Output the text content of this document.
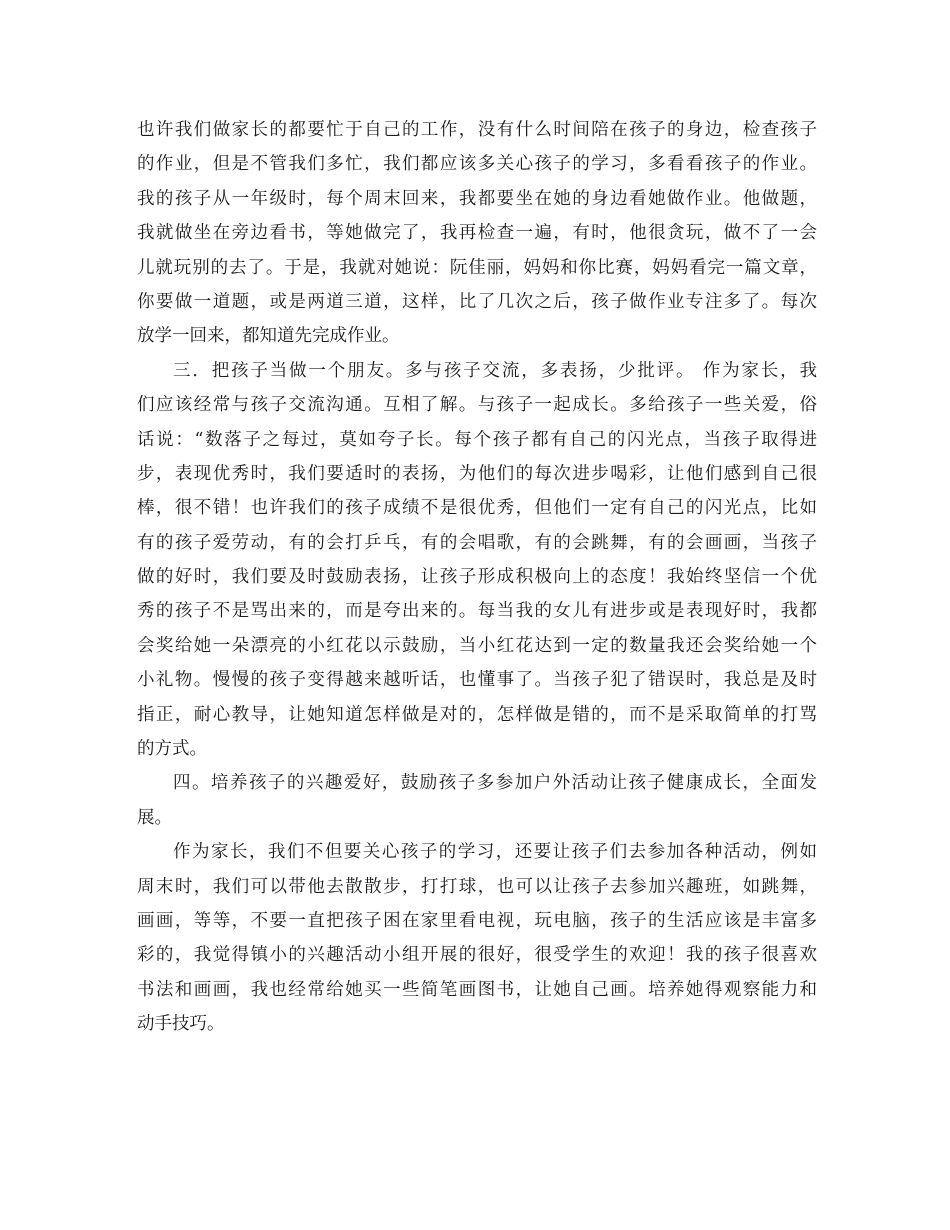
也许我们做家长的都要忙于自己的工作，没有什么时间陪在孩子的身边，检查孩子
的作业，但是不管我们多忙，我们都应该多关心孩子的学习，多看看孩子的作业。
我的孩子从一年级时，每个周末回来，我都要坐在她的身边看她做作业。他做题，
我就做坐在旁边看书，等她做完了，我再检查一遍，有时，他很贪玩，做不了一会
儿就玩别的去了。于是，我就对她说：阮佳丽，妈妈和你比赛，妈妈看完一篇文章，
你要做一道题，或是两道三道，这样，比了几次之后，孩子做作业专注多了。每次
放学一回来，都知道先完成作业。
三．把孩子当做一个朋友。多与孩子交流，多表扬，少批评。 作为家长，我
们应该经常与孩子交流沟通。互相了解。与孩子一起成长。多给孩子一些关爱，俗
话说：“数落子之每过，莫如夸子长。每个孩子都有自己的闪光点，当孩子取得进
步，表现优秀时，我们要适时的表扬，为他们的每次进步喝彩，让他们感到自己很
棒，很不错！也许我们的孩子成绩不是很优秀，但他们一定有自己的闪光点，比如
有的孩子爱劳动，有的会打乒乓，有的会唱歌，有的会跳舞，有的会画画，当孩子
做的好时，我们要及时鼓励表扬，让孩子形成积极向上的态度！我始终坚信一个优
秀的孩子不是骂出来的，而是夸出来的。每当我的女儿有进步或是表现好时，我都
会奖给她一朵漂亮的小红花以示鼓励，当小红花达到一定的数量我还会奖给她一个
小礼物。慢慢的孩子变得越来越听话，也懂事了。当孩子犯了错误时，我总是及时
指正，耐心教导，让她知道怎样做是对的，怎样做是错的，而不是采取简单的打骂
的方式。
四。培养孩子的兴趣爱好，鼓励孩子多参加户外活动让孩子健康成长，全面发
展。
作为家长，我们不但要关心孩子的学习，还要让孩子们去参加各种活动，例如
周末时，我们可以带他去散散步，打打球，也可以让孩子去参加兴趣班，如跳舞，
画画，等等，不要一直把孩子困在家里看电视，玩电脑，孩子的生活应该是丰富多
彩的，我觉得镇小的兴趣活动小组开展的很好，很受学生的欢迎！我的孩子很喜欢
书法和画画，我也经常给她买一些简笔画图书，让她自己画。培养她得观察能力和
动手技巧。
